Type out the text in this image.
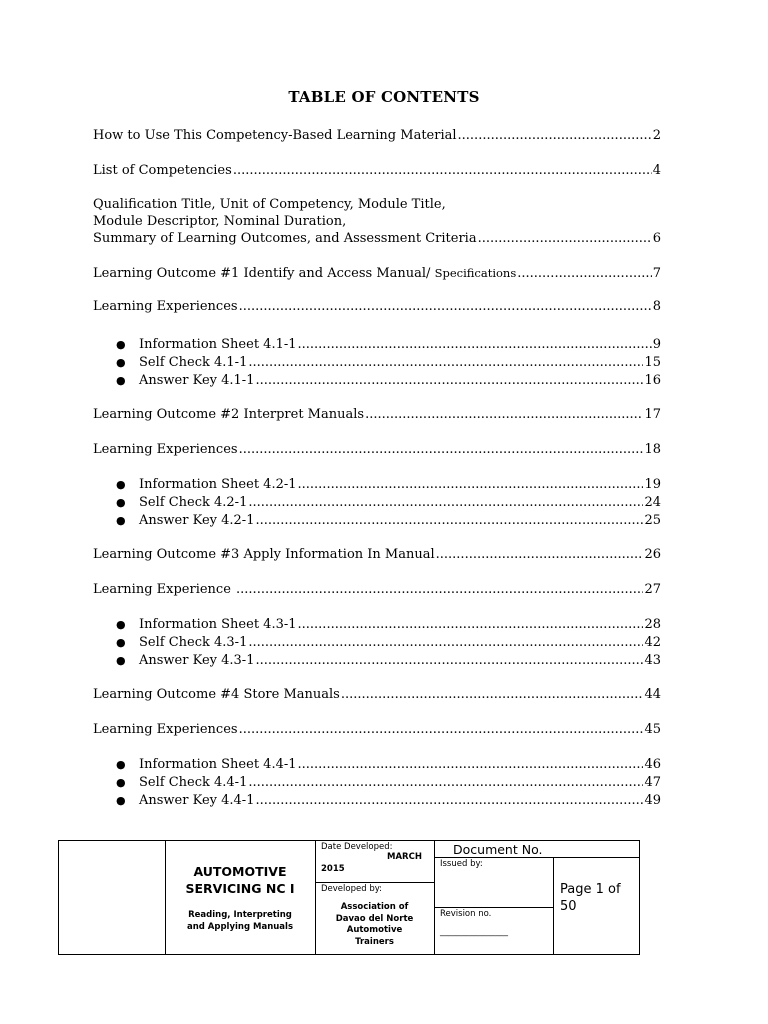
TABLE OF CONTENTS
How to Use This Competency-Based Learning Material .....	2
List of Competencies .....	4
Qualification Title, Unit of Competency, Module Title,
Module Descriptor, Nominal Duration,
Summary of Learning Outcomes, and Assessment Criteria .....	6
Learning Outcome #1 Identify and Access Manual/ Specifications .....	7
Learning Experiences .....	8
● Information Sheet 4.1-1 .....	9
● Self Check 4.1-1 .....	15
● Answer Key 4.1-1 .....	16
Learning Outcome #2 Interpret Manuals .....	17
Learning Experiences .....	18
● Information Sheet 4.2-1 .....	19
● Self Check 4.2-1 .....	24
● Answer Key 4.2-1 .....	25
Learning Outcome #3 Apply Information In Manual .....	26
Learning Experience .....	27
● Information Sheet 4.3-1 .....	28
● Self Check 4.3-1 .....	42
● Answer Key 4.3-1 .....	43
Learning Outcome #4 Store Manuals .....	44
Learning Experiences .....	45
● Information Sheet 4.4-1 .....	46
● Self Check 4.4-1 .....	47
● Answer Key 4.4-1 .....	49
AUTOMOTIVE
SERVICING NC I
Reading, Interpreting
and Applying Manuals
Date Developed:
MARCH
2015
Developed by:
Association of
Davao del Norte
Automotive
Trainers
Document No.
Issued by:
Revision no.
________________
Page 1 of
50
